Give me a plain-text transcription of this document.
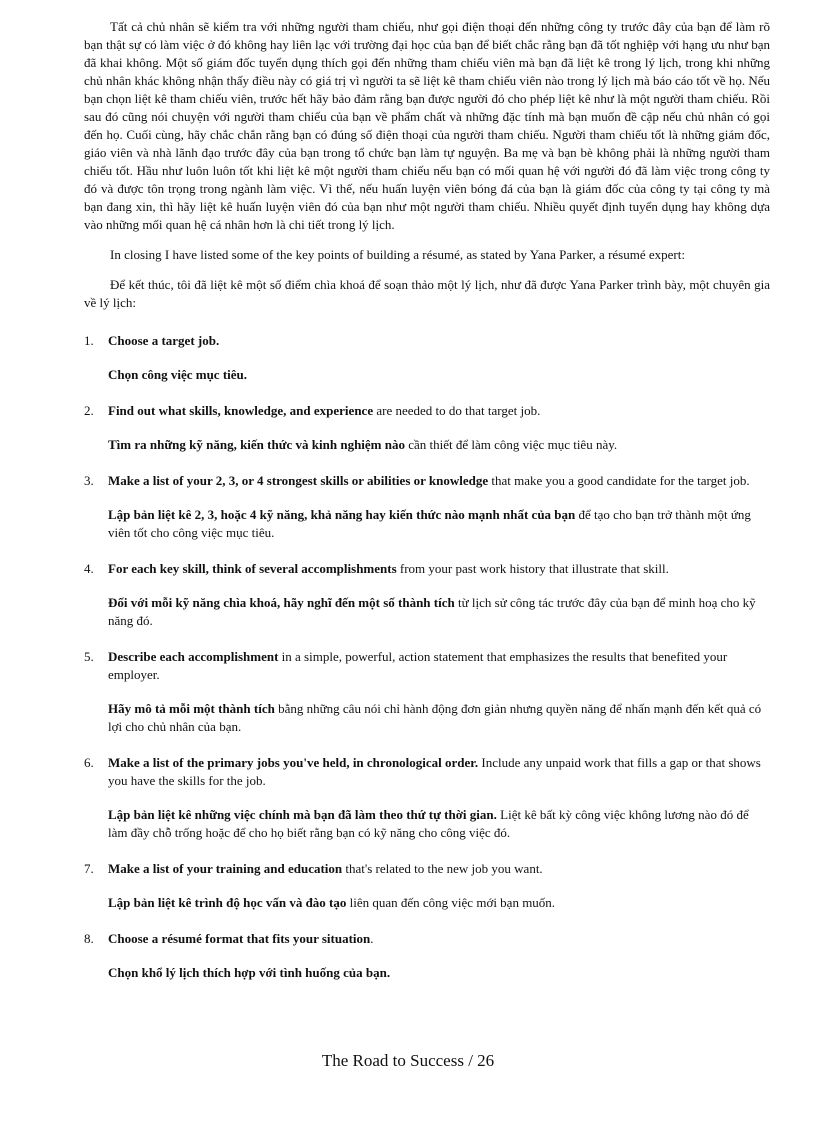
Tất cả chủ nhân sẽ kiểm tra với những người tham chiếu, như gọi điện thoại đến những công ty trước đây của bạn để làm rõ bạn thật sự có làm việc ở đó không hay liên lạc với trường đại học của bạn để biết chắc rằng bạn đã tốt nghiệp với hạng ưu như bạn đã khai không. Một số giám đốc tuyển dụng thích gọi đến những tham chiếu viên mà bạn đã liệt kê trong lý lịch, trong khi những chủ nhân khác không nhận thấy điều này có giá trị vì người ta sẽ liệt kê tham chiếu viên nào trong lý lịch mà báo cáo tốt về họ. Nếu bạn chọn liệt kê tham chiếu viên, trước hết hãy bảo đảm rằng bạn được người đó cho phép liệt kê như là một người tham chiếu. Rồi sau đó cũng nói chuyện với người tham chiếu của bạn về phẩm chất và những đặc tính mà bạn muốn đề cập nếu chủ nhân có gọi đến họ. Cuối cùng, hãy chắc chắn rằng bạn có đúng số điện thoại của người tham chiếu. Người tham chiếu tốt là những giám đốc, giáo viên và nhà lãnh đạo trước đây của bạn trong tổ chức bạn làm tự nguyện. Ba mẹ và bạn bè không phải là những người tham chiếu tốt. Hầu như luôn luôn tốt khi liệt kê một người tham chiếu nếu bạn có mối quan hệ với người đó đã làm việc trong công ty đó và được tôn trọng trong ngành làm việc. Vì thế, nếu huấn luyện viên bóng đá của bạn là giám đốc của công ty tại công ty mà bạn đang xin, thì hãy liệt kê huấn luyện viên đó của bạn như một người tham chiếu. Nhiều quyết định tuyển dụng hay không dựa vào những mối quan hệ cá nhân hơn là chi tiết trong lý lịch.

In closing I have listed some of the key points of building a résumé, as stated by Yana Parker, a résumé expert:

Để kết thúc, tôi đã liệt kê một số điểm chìa khoá để soạn thảo một lý lịch, như đã được Yana Parker trình bày, một chuyên gia về lý lịch:

1.	Choose a target job.

Chọn công việc mục tiêu.

2.	Find out what skills, knowledge, and experience are needed to do that target job.

Tìm ra những kỹ năng, kiến thức và kinh nghiệm nào cần thiết để làm công việc mục tiêu này.

3.	Make a list of your 2, 3, or 4 strongest skills or abilities or knowledge that make you a good candidate for the target job.

Lập bản liệt kê 2, 3, hoặc 4 kỹ năng, khả năng hay kiến thức nào mạnh nhất của bạn để tạo cho bạn trở thành một ứng viên tốt cho công việc mục tiêu.

4.	For each key skill, think of several accomplishments from your past work history that illustrate that skill.

Đối với mỗi kỹ năng chìa khoá, hãy nghĩ đến một số thành tích từ lịch sử công tác trước đây của bạn để minh hoạ cho kỹ năng đó.

5.	Describe each accomplishment in a simple, powerful, action statement that emphasizes the results that benefited your employer.

Hãy mô tả mỗi một thành tích bằng những câu nói chỉ hành động đơn giản nhưng quyền năng để nhấn mạnh đến kết quả có lợi cho chủ nhân của bạn.

6.	Make a list of the primary jobs you've held, in chronological order. Include any unpaid work that fills a gap or that shows you have the skills for the job.

Lập bản liệt kê những việc chính mà bạn đã làm theo thứ tự thời gian. Liệt kê bất kỳ công việc không lương nào đó để làm đầy chỗ trống hoặc để cho họ biết rằng bạn có kỹ năng cho công việc đó.

7.	Make a list of your training and education that's related to the new job you want.

Lập bản liệt kê trình độ học vấn và đào tạo liên quan đến công việc mới bạn muốn.

8.	Choose a résumé format that fits your situation.

Chọn khổ lý lịch thích hợp với tình huống của bạn.

The Road to Success / 26
